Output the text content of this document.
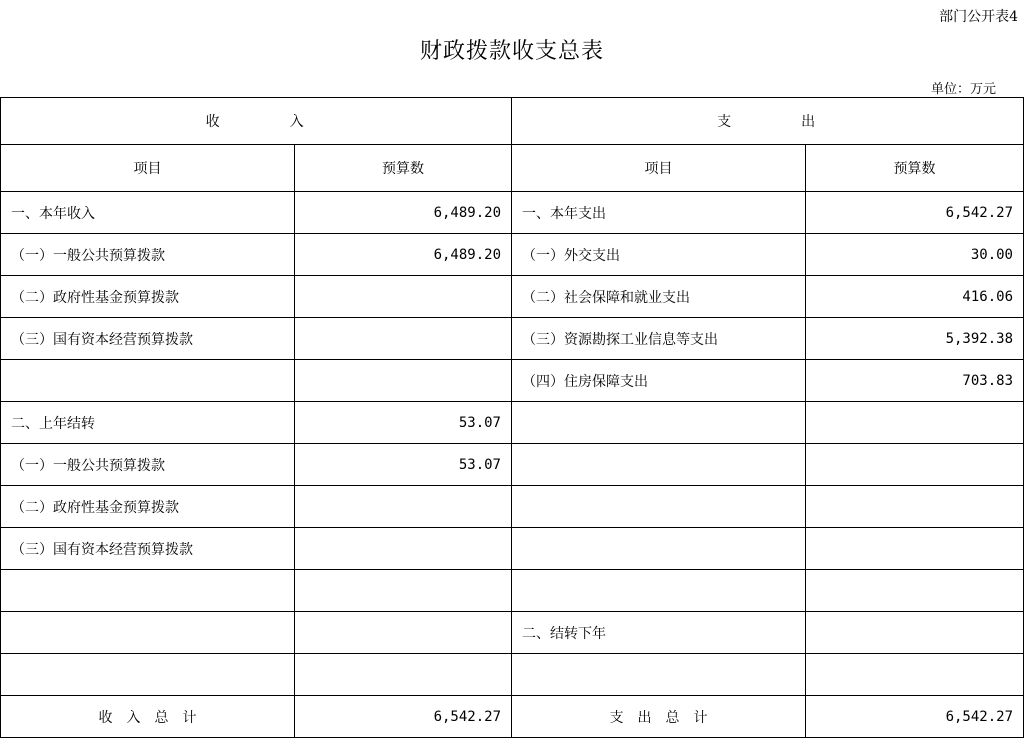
部门公开表4
财政拨款收支总表
单位：万元
收　　　　入		支　　　　出	
项目	预算数	项目	预算数
一、本年收入	6,489.20	一、本年支出	6,542.27
（一）一般公共预算拨款	6,489.20	（一）外交支出	30.00
（二）政府性基金预算拨款		（二）社会保障和就业支出	416.06
（三）国有资本经营预算拨款		（三）资源勘探工业信息等支出	5,392.38
		（四）住房保障支出	703.83
二、上年结转	53.07		
（一）一般公共预算拨款	53.07		
（二）政府性基金预算拨款			
（三）国有资本经营预算拨款			

		二、结转下年	

收　入　总　计	6,542.27	支　出　总　计	6,542.27
